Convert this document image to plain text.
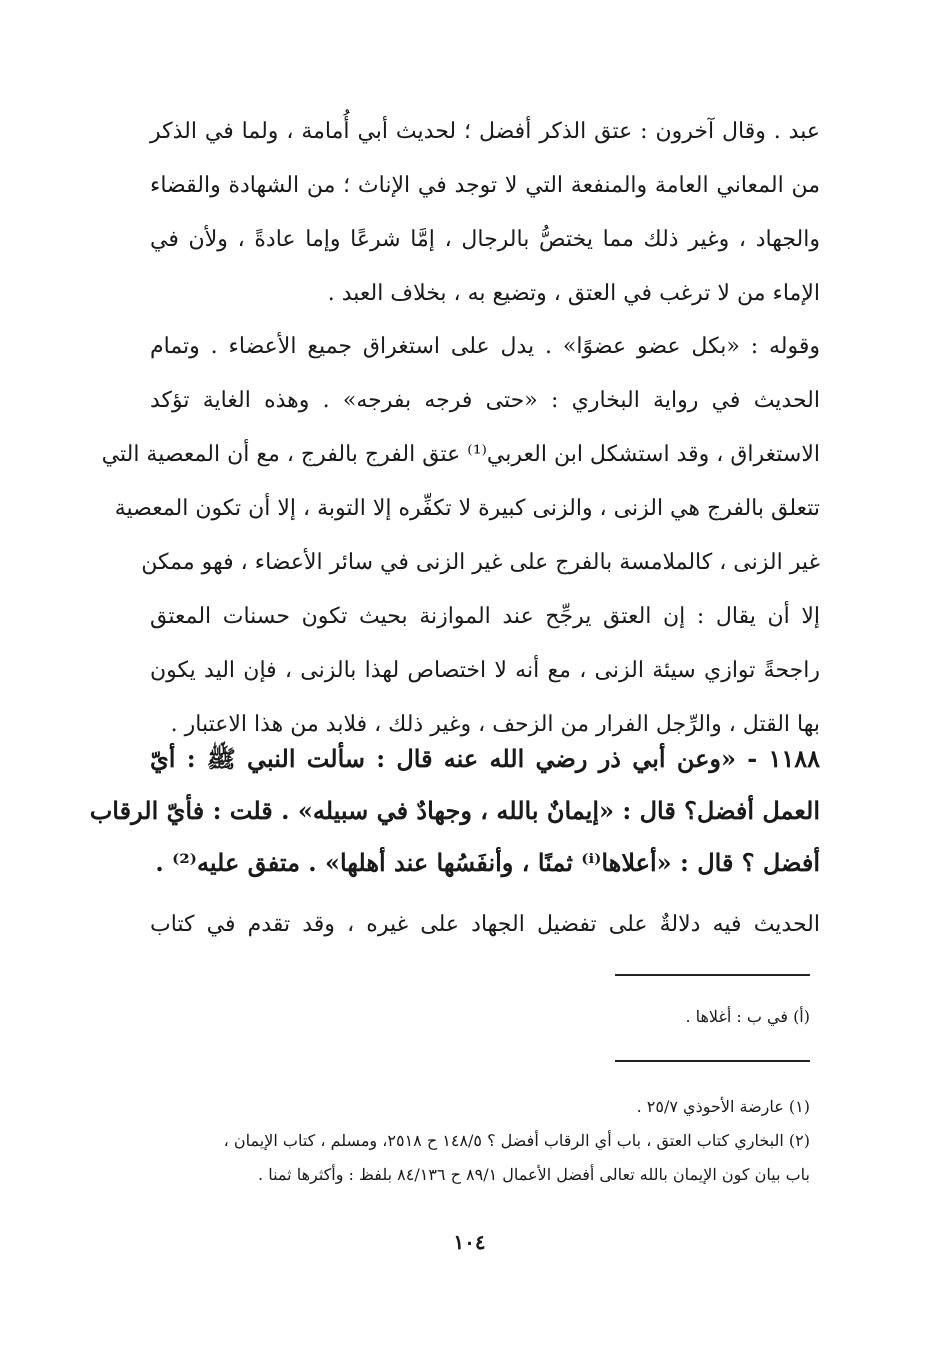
عبد . وقال آخرون : عتق الذكر أفضل ؛ لحديث أبي أُمامة ، ولما في الذكر
من المعاني العامة والمنفعة التي لا توجد في الإناث ؛ من الشهادة والقضاء
والجهاد ، وغير ذلك مما يختصُّ بالرجال ، إمَّا شرعًا وإما عادةً ، ولأن في
الإماء من لا ترغب في العتق ، وتضيع به ، بخلاف العبد .
وقوله : «بكل عضو عضوًا» . يدل على استغراق جميع الأعضاء . وتمام
الحديث في رواية البخاري : «حتى فرجه بفرجه» . وهذه الغاية تؤكد
الاستغراق ، وقد استشكل ابن العربي⁽¹⁾ عتق الفرج بالفرج ، مع أن المعصية التي
تتعلق بالفرج هي الزنى ، والزنى كبيرة لا تكفِّره إلا التوبة ، إلا أن تكون المعصية
غير الزنى ، كالملامسة بالفرج على غير الزنى في سائر الأعضاء ، فهو ممكن
إلا أن يقال : إن العتق يرجِّح عند الموازنة بحيث تكون حسنات المعتق
راجحةً توازي سيئة الزنى ، مع أنه لا اختصاص لهذا بالزنى ، فإن اليد يكون
بها القتل ، والرِّجل الفرار من الزحف ، وغير ذلك ، فلابد من هذا الاعتبار .
١١٨٨ - «وعن أبي ذر رضي الله عنه قال : سألت النبي ﷺ : أيّ
العمل أفضل؟ قال : «إيمانٌ بالله ، وجهادٌ في سبيله» . قلت : فأيّ الرقاب
أفضل ؟ قال : «أعلاها⁽ⁱ⁾ ثمنًا ، وأنفَسُها عند أهلها» . متفق عليه⁽²⁾ .
الحديث فيه دلالةٌ على تفضيل الجهاد على غيره ، وقد تقدم في كتاب
(أ) في ب : أغلاها .
(١) عارضة الأحوذي ٢٥/٧ .
(٢) البخاري كتاب العتق ، باب أي الرقاب أفضل ؟ ١٤٨/٥ ح ٢٥١٨، ومسلم ، كتاب الإيمان ،
باب بيان كون الإيمان بالله تعالى أفضل الأعمال ٨٩/١ ح ٨٤/١٣٦ بلفظ : وأكثرها ثمنا .
١٠٤
